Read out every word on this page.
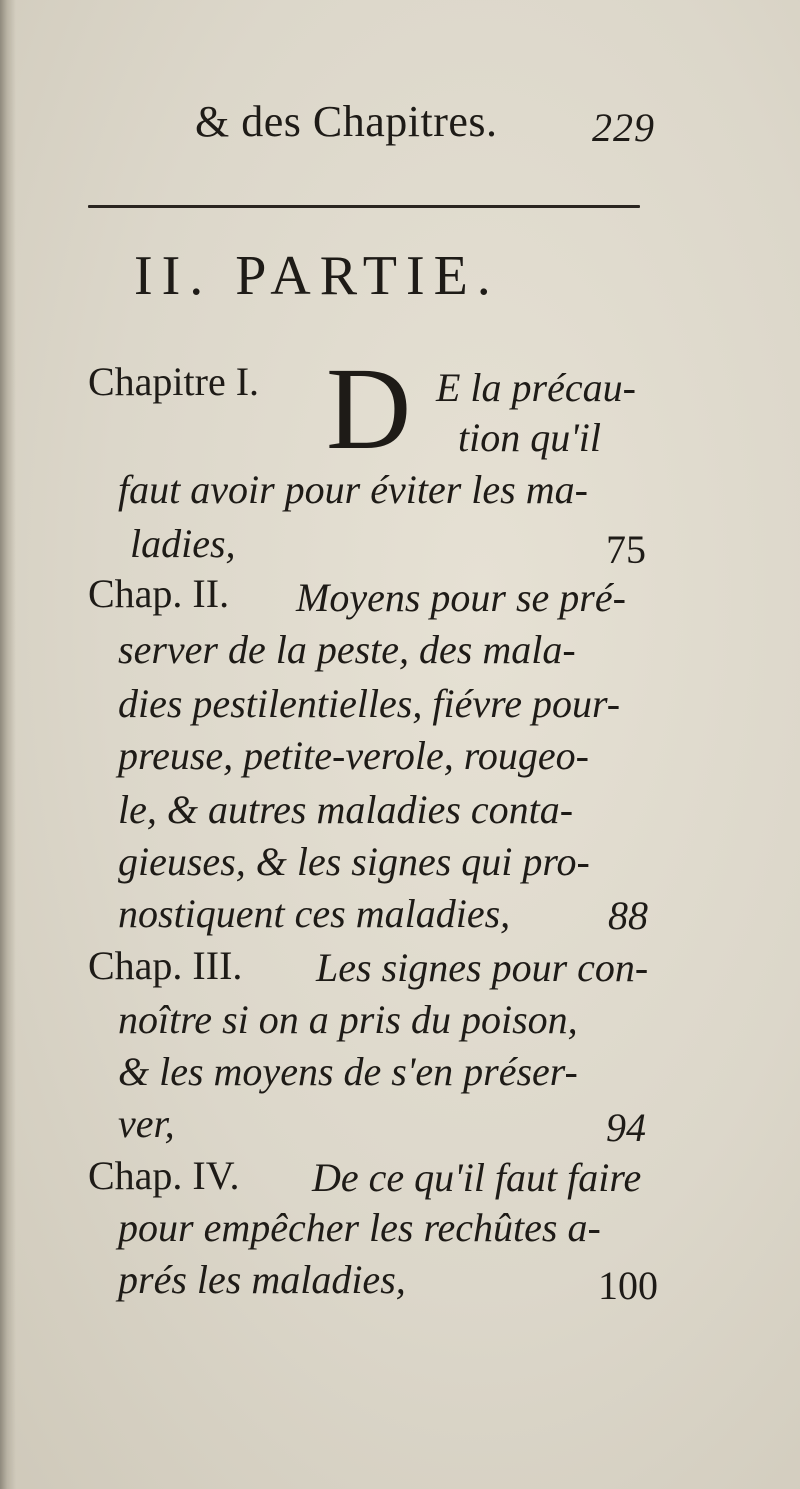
& des Chapitres. 229
II. PARTIE.
Chapitre I. D E la précau-
tion qu'il
faut avoir pour éviter les ma-
ladies,	75
Chap. II. Moyens pour se pré-
server de la peste, des mala-
dies pestilentielles, fiévre pour-
preuse, petite-verole, rougeo-
le, & autres maladies conta-
gieuses, & les signes qui pro-
nostiquent ces maladies, 88
Chap. III. Les signes pour con-
noître si on a pris du poison,
& les moyens de s'en préser-
ver,	94
Chap. IV. De ce qu'il faut faire
pour empêcher les rechûtes a-
prés les maladies,	100
